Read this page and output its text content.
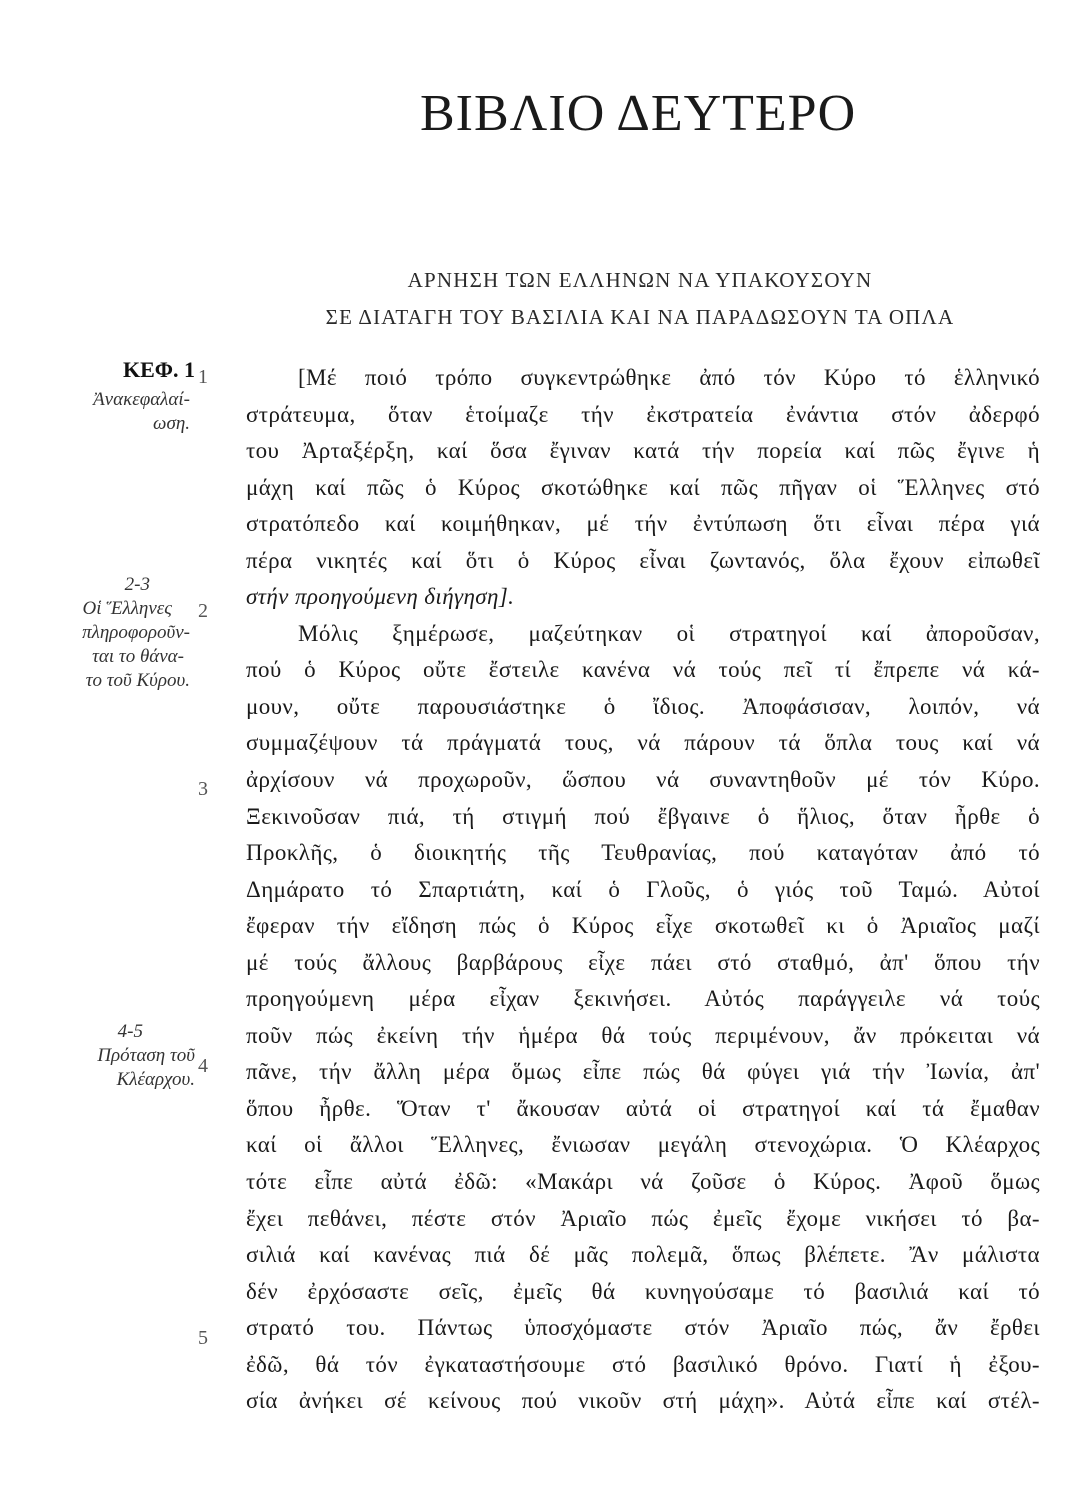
ΒΙΒΛΙΟ ΔΕΥΤΕΡΟ
ΑΡΝΗΣΗ ΤΩΝ ΕΛΛΗΝΩΝ ΝΑ ΥΠΑΚΟΥΣΟΥΝ
ΣΕ ΔΙΑΤΑΓΗ ΤΟΥ ΒΑΣΙΛΙΑ ΚΑΙ ΝΑ ΠΑΡΑΔΩΣΟΥΝ ΤΑ ΟΠΛΑ
ΚΕΦ. 1
Ἀνακεφαλαί-
ωση.
2-3
Οἱ Ἕλληνες
πληροφοροῦν-
ται το θάνα-
το τοῦ Κύρου.
4-5
Πρόταση τοῦ
Κλέαρχου.
1
2
3
4
5
[Μέ ποιό τρόπο συγκεντρώθηκε ἀπό τόν Κύρο τό ἑλληνικό
στράτευμα, ὅταν ἑτοίμαζε τήν ἐκστρατεία ἐνάντια στόν ἀδερφό
του Ἀρταξέρξη, καί ὅσα ἔγιναν κατά τήν πορεία καί πῶς ἔγινε ἡ
μάχη καί πῶς ὁ Κύρος σκοτώθηκε καί πῶς πῆγαν οἱ Ἕλληνες στό
στρατόπεδο καί κοιμήθηκαν, μέ τήν ἐντύπωση ὅτι εἶναι πέρα γιά
πέρα νικητές καί ὅτι ὁ Κύρος εἶναι ζωντανός, ὅλα ἔχουν εἰπωθεῖ
στήν προηγούμενη διήγηση].
Μόλις ξημέρωσε, μαζεύτηκαν οἱ στρατηγοί καί ἀποροῦσαν,
πού ὁ Κύρος οὔτε ἔστειλε κανένα νά τούς πεῖ τί ἔπρεπε νά κά-
μουν, οὔτε παρουσιάστηκε ὁ ἴδιος. Ἀποφάσισαν, λοιπόν, νά
συμμαζέψουν τά πράγματά τους, νά πάρουν τά ὅπλα τους καί νά
ἀρχίσουν νά προχωροῦν, ὥσπου νά συναντηθοῦν μέ τόν Κύρο.
Ξεκινοῦσαν πιά, τή στιγμή πού ἔβγαινε ὁ ἥλιος, ὅταν ἦρθε ὁ
Προκλῆς, ὁ διοικητής τῆς Τευθρανίας, πού καταγόταν ἀπό τό
Δημάρατο τό Σπαρτιάτη, καί ὁ Γλοῦς, ὁ γιός τοῦ Ταμώ. Αὐτοί
ἔφεραν τήν εἴδηση πώς ὁ Κύρος εἶχε σκοτωθεῖ κι ὁ Ἀριαῖος μαζί
μέ τούς ἄλλους βαρβάρους εἶχε πάει στό σταθμό, ἀπ' ὅπου τήν
προηγούμενη μέρα εἶχαν ξεκινήσει. Αὐτός παράγγειλε νά τούς
ποῦν πώς ἐκείνη τήν ἡμέρα θά τούς περιμένουν, ἄν πρόκειται νά
πᾶνε, τήν ἄλλη μέρα ὅμως εἶπε πώς θά φύγει γιά τήν Ἰωνία, ἀπ'
ὅπου ἦρθε. Ὅταν τ' ἄκουσαν αὐτά οἱ στρατηγοί καί τά ἔμαθαν
καί οἱ ἄλλοι Ἕλληνες, ἔνιωσαν μεγάλη στενοχώρια. Ὁ Κλέαρχος
τότε εἶπε αὐτά ἐδῶ: «Μακάρι νά ζοῦσε ὁ Κύρος. Ἀφοῦ ὅμως
ἔχει πεθάνει, πέστε στόν Ἀριαῖο πώς ἐμεῖς ἔχομε νικήσει τό βα-
σιλιά καί κανένας πιά δέ μᾶς πολεμᾶ, ὅπως βλέπετε. Ἄν μάλιστα
δέν ἐρχόσαστε σεῖς, ἐμεῖς θά κυνηγούσαμε τό βασιλιά καί τό
στρατό του. Πάντως ὑποσχόμαστε στόν Ἀριαῖο πώς, ἄν ἔρθει
ἐδῶ, θά τόν ἐγκαταστήσουμε στό βασιλικό θρόνο. Γιατί ἡ ἐξου-
σία ἀνήκει σέ κείνους πού νικοῦν στή μάχη». Αὐτά εἶπε καί στέλ-
